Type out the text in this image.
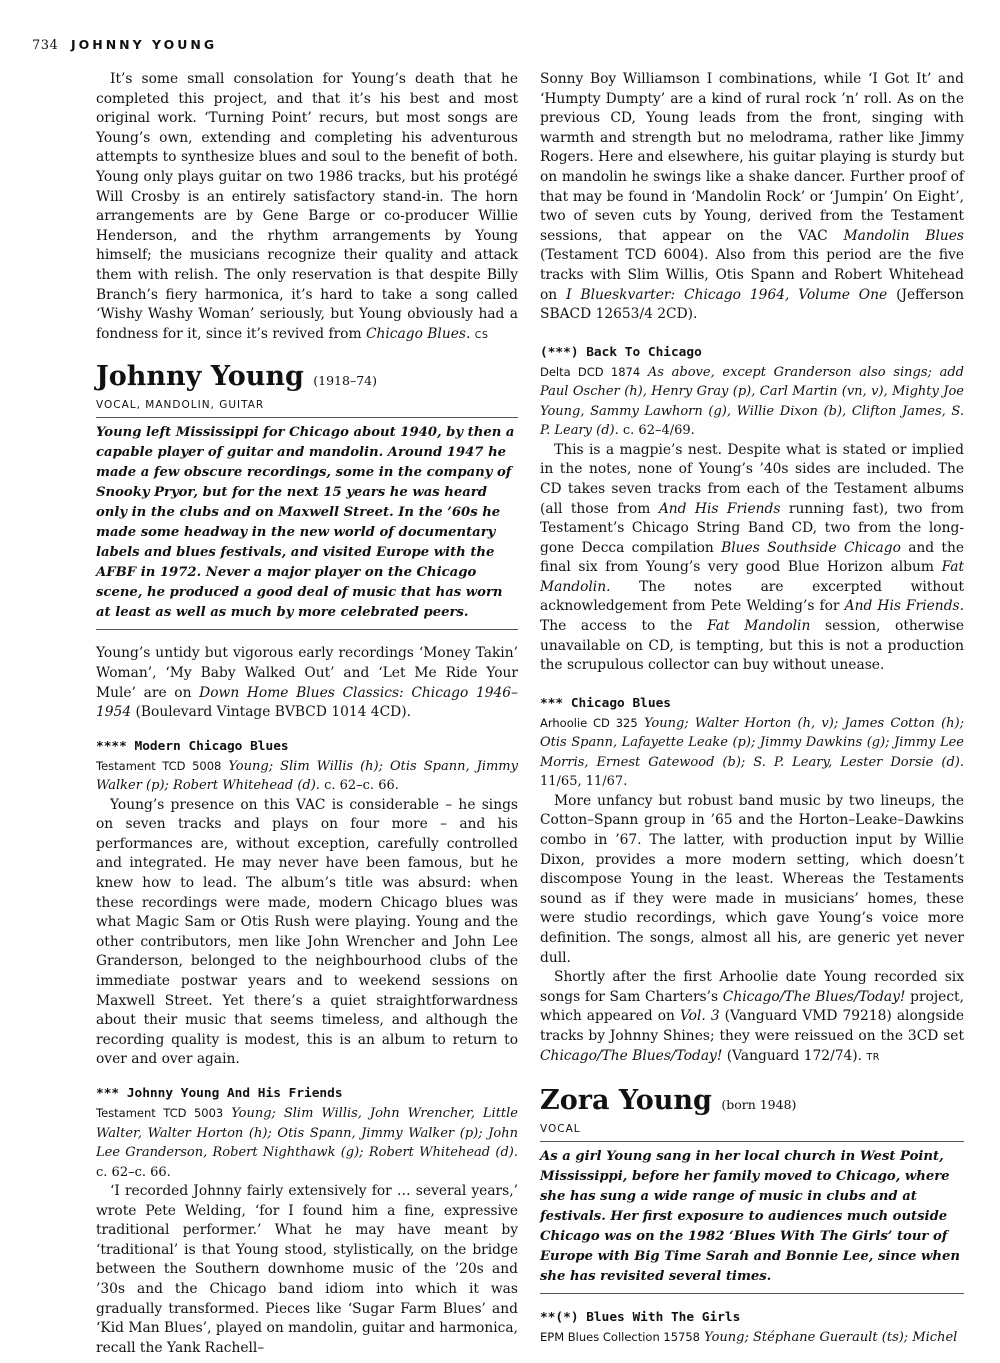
734 JOHNNY YOUNG

It’s some small consolation for Young’s death that he completed this project, and that it’s his best and most original work. ‘Turning Point’ recurs, but most songs are Young’s own, extending and completing his adventurous attempts to synthesize blues and soul to the benefit of both. Young only plays guitar on two 1986 tracks, but his protégé Will Crosby is an entirely satisfactory stand-in. The horn arrangements are by Gene Barge or co-producer Willie Henderson, and the rhythm arrangements by Young himself; the musicians recognize their quality and attack them with relish. The only reservation is that despite Billy Branch’s fiery harmonica, it’s hard to take a song called ‘Wishy Washy Woman’ seriously, but Young obviously had a fondness for it, since it’s revived from Chicago Blues. CS

Johnny Young (1918–74)
VOCAL, MANDOLIN, GUITAR

Young left Mississippi for Chicago about 1940, by then a capable player of guitar and mandolin. Around 1947 he made a few obscure recordings, some in the company of Snooky Pryor, but for the next 15 years he was heard only in the clubs and on Maxwell Street. In the ’60s he made some headway in the new world of documentary labels and blues festivals, and visited Europe with the AFBF in 1972. Never a major player on the Chicago scene, he produced a good deal of music that has worn at least as well as much by more celebrated peers.

Young’s untidy but vigorous early recordings ‘Money Takin’ Woman’, ‘My Baby Walked Out’ and ‘Let Me Ride Your Mule’ are on Down Home Blues Classics: Chicago 1946–1954 (Boulevard Vintage BVBCD 1014 4CD).

**** Modern Chicago Blues

Testament TCD 5008 Young; Slim Willis (h); Otis Spann, Jimmy Walker (p); Robert Whitehead (d). c. 62–c. 66.

Young’s presence on this VAC is considerable – he sings on seven tracks and plays on four more – and his performances are, without exception, carefully controlled and integrated. He may never have been famous, but he knew how to lead. The album’s title was absurd: when these recordings were made, modern Chicago blues was what Magic Sam or Otis Rush were playing. Young and the other contributors, men like John Wrencher and John Lee Granderson, belonged to the neighbourhood clubs of the immediate postwar years and to weekend sessions on Maxwell Street. Yet there’s a quiet straightforwardness about their music that seems timeless, and although the recording quality is modest, this is an album to return to over and over again.

*** Johnny Young And His Friends

Testament TCD 5003 Young; Slim Willis, John Wrencher, Little Walter, Walter Horton (h); Otis Spann, Jimmy Walker (p); John Lee Granderson, Robert Nighthawk (g); Robert Whitehead (d). c. 62–c. 66.

‘I recorded Johnny fairly extensively for … several years,’ wrote Pete Welding, ‘for I found him a fine, expressive traditional performer.’ What he may have meant by ‘traditional’ is that Young stood, stylistically, on the bridge between the Southern downhome music of the ’20s and ’30s and the Chicago band idiom into which it was gradually transformed. Pieces like ‘Sugar Farm Blues’ and ‘Kid Man Blues’, played on mandolin, guitar and harmonica, recall the Yank Rachell–

Sonny Boy Williamson I combinations, while ‘I Got It’ and ‘Humpty Dumpty’ are a kind of rural rock ’n’ roll. As on the previous CD, Young leads from the front, singing with warmth and strength but no melodrama, rather like Jimmy Rogers. Here and elsewhere, his guitar playing is sturdy but on mandolin he swings like a shake dancer. Further proof of that may be found in ‘Mandolin Rock’ or ‘Jumpin’ On Eight’, two of seven cuts by Young, derived from the Testament sessions, that appear on the VAC Mandolin Blues (Testament TCD 6004). Also from this period are the five tracks with Slim Willis, Otis Spann and Robert Whitehead on I Blueskvarter: Chicago 1964, Volume One (Jefferson SBACD 12653/4 2CD).

(***) Back To Chicago

Delta DCD 1874 As above, except Granderson also sings; add Paul Oscher (h), Henry Gray (p), Carl Martin (vn, v), Mighty Joe Young, Sammy Lawhorn (g), Willie Dixon (b), Clifton James, S. P. Leary (d). c. 62–4/69.

This is a magpie’s nest. Despite what is stated or implied in the notes, none of Young’s ’40s sides are included. The CD takes seven tracks from each of the Testament albums (all those from And His Friends running fast), two from Testament’s Chicago String Band CD, two from the long-gone Decca compilation Blues Southside Chicago and the final six from Young’s very good Blue Horizon album Fat Mandolin. The notes are excerpted without acknowledgement from Pete Welding’s for And His Friends. The access to the Fat Mandolin session, otherwise unavailable on CD, is tempting, but this is not a production the scrupulous collector can buy without unease.

*** Chicago Blues

Arhoolie CD 325 Young; Walter Horton (h, v); James Cotton (h); Otis Spann, Lafayette Leake (p); Jimmy Dawkins (g); Jimmy Lee Morris, Ernest Gatewood (b); S. P. Leary, Lester Dorsie (d). 11/65, 11/67.

More unfancy but robust band music by two lineups, the Cotton–Spann group in ’65 and the Horton–Leake–Dawkins combo in ’67. The latter, with production input by Willie Dixon, provides a more modern setting, which doesn’t discompose Young in the least. Whereas the Testaments sound as if they were made in musicians’ homes, these were studio recordings, which gave Young’s voice more definition. The songs, almost all his, are generic yet never dull.

Shortly after the first Arhoolie date Young recorded six songs for Sam Charters’s Chicago/The Blues/Today! project, which appeared on Vol. 3 (Vanguard VMD 79218) alongside tracks by Johnny Shines; they were reissued on the 3CD set Chicago/The Blues/Today! (Vanguard 172/74). TR

Zora Young (born 1948)
VOCAL

As a girl Young sang in her local church in West Point, Mississippi, before her family moved to Chicago, where she has sung a wide range of music in clubs and at festivals. Her first exposure to audiences much outside Chicago was on the 1982 ‘Blues With The Girls’ tour of Europe with Big Time Sarah and Bonnie Lee, since when she has revisited several times.

**(*) Blues With The Girls

EPM Blues Collection 15758 Young; Stéphane Guerault (ts); Michel
